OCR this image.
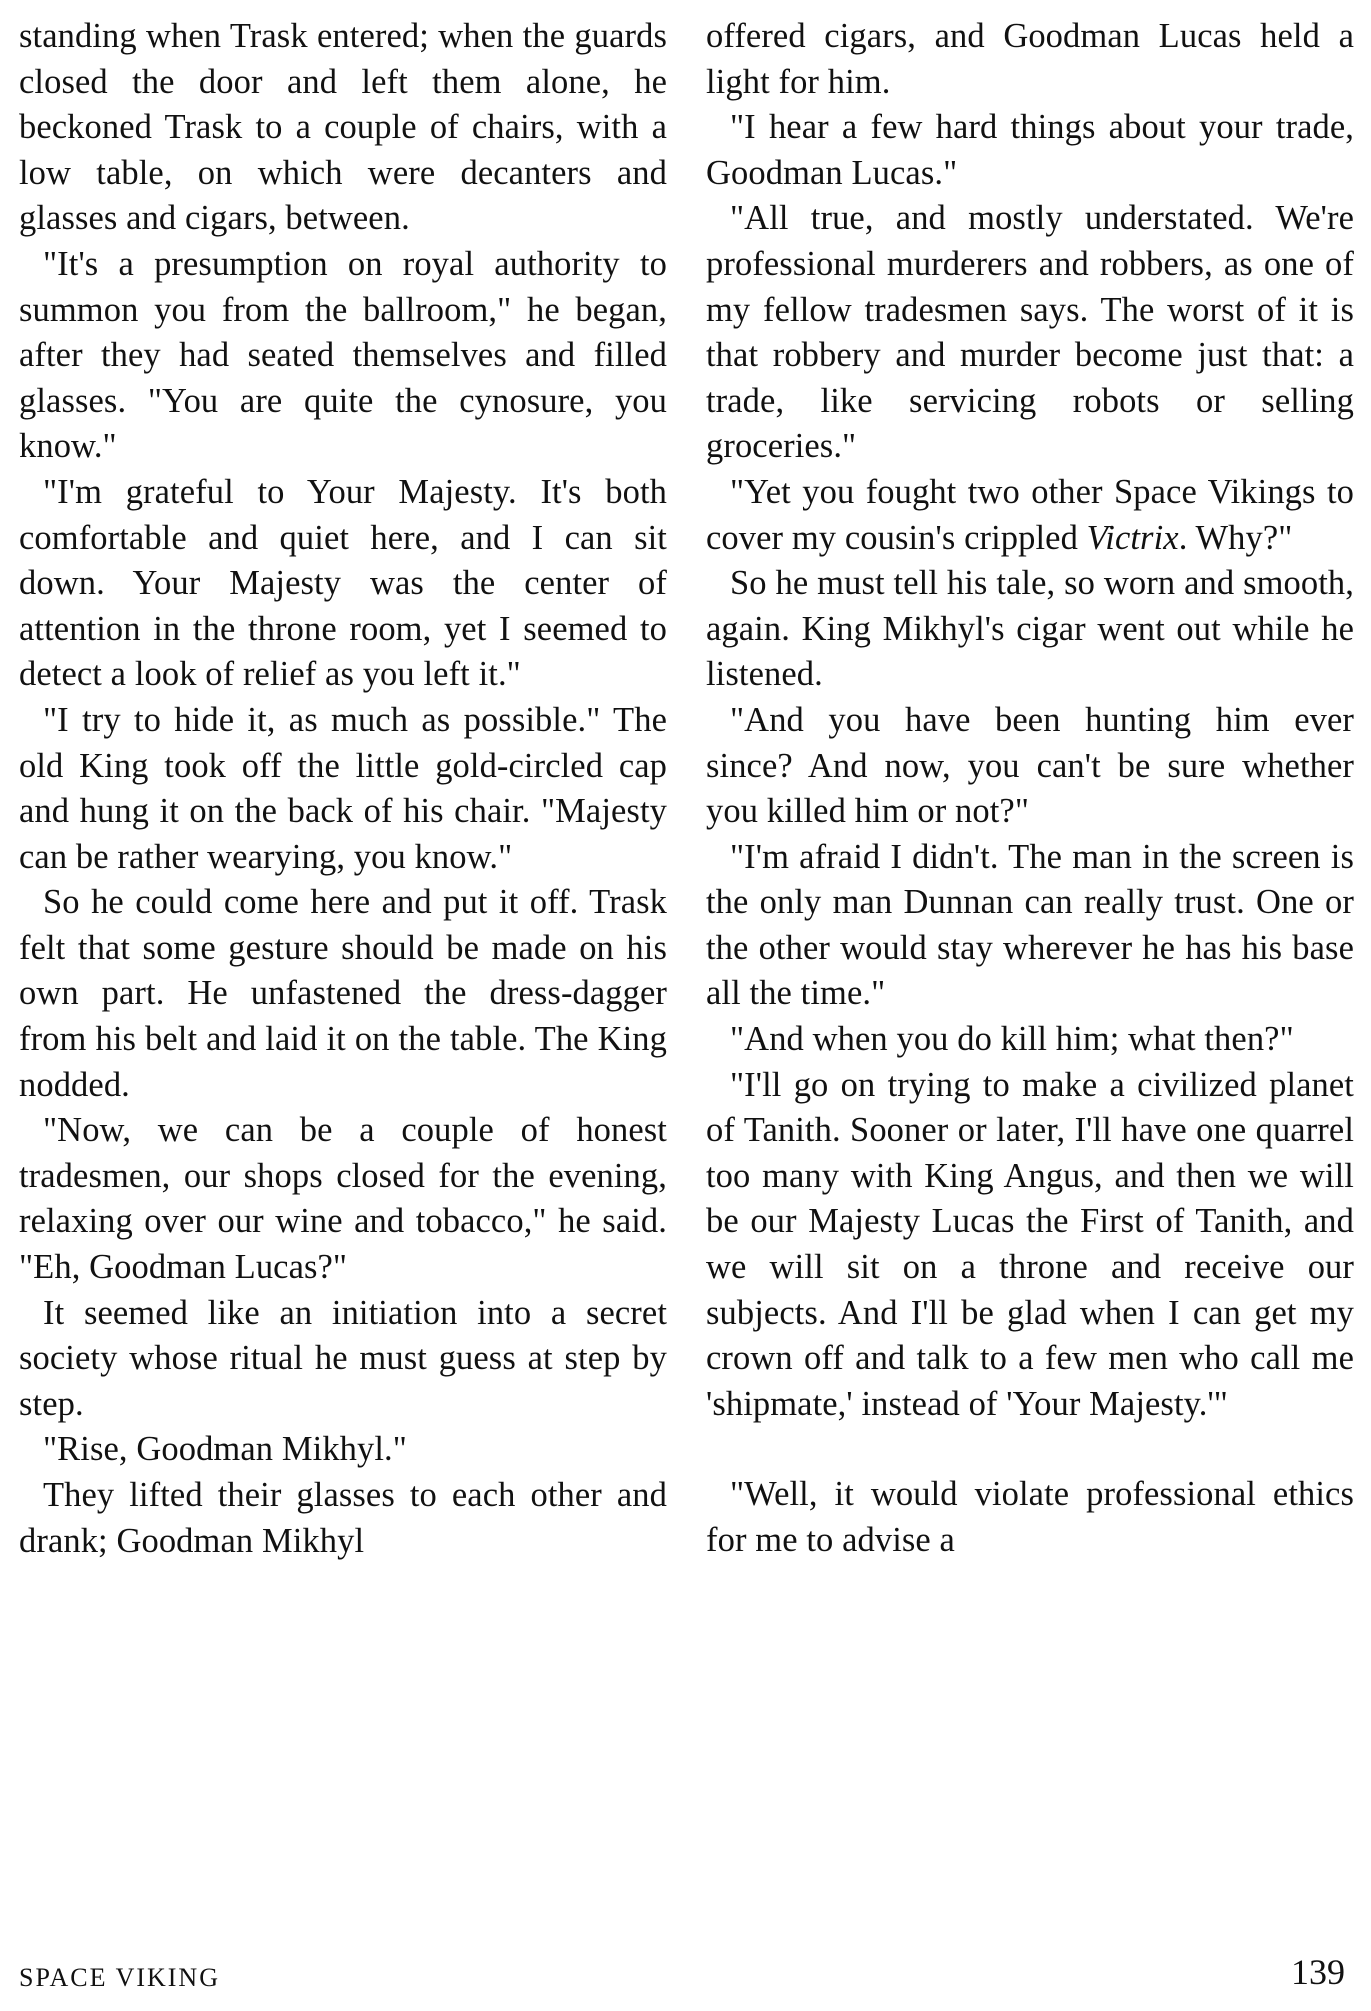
standing when Trask entered; when the guards closed the door and left them alone, he beckoned Trask to a couple of chairs, with a low table, on which were decanters and glasses and cigars, between.

"It's a presumption on royal authority to summon you from the ballroom," he began, after they had seated themselves and filled glasses. "You are quite the cynosure, you know."

"I'm grateful to Your Majesty. It's both comfortable and quiet here, and I can sit down. Your Majesty was the center of attention in the throne room, yet I seemed to detect a look of relief as you left it."

"I try to hide it, as much as possible." The old King took off the little gold-circled cap and hung it on the back of his chair. "Majesty can be rather wearying, you know."

So he could come here and put it off. Trask felt that some gesture should be made on his own part. He unfastened the dress-dagger from his belt and laid it on the table. The King nodded.

"Now, we can be a couple of honest tradesmen, our shops closed for the evening, relaxing over our wine and tobacco," he said. "Eh, Goodman Lucas?"

It seemed like an initiation into a secret society whose ritual he must guess at step by step.

"Rise, Goodman Mikhyl."

They lifted their glasses to each other and drank; Goodman Mikhyl

offered cigars, and Goodman Lucas held a light for him.

"I hear a few hard things about your trade, Goodman Lucas."

"All true, and mostly understated. We're professional murderers and robbers, as one of my fellow tradesmen says. The worst of it is that robbery and murder become just that: a trade, like servicing robots or selling groceries."

"Yet you fought two other Space Vikings to cover my cousin's crippled Victrix. Why?"

So he must tell his tale, so worn and smooth, again. King Mikhyl's cigar went out while he listened.

"And you have been hunting him ever since? And now, you can't be sure whether you killed him or not?"

"I'm afraid I didn't. The man in the screen is the only man Dunnan can really trust. One or the other would stay wherever he has his base all the time."

"And when you do kill him; what then?"

"I'll go on trying to make a civilized planet of Tanith. Sooner or later, I'll have one quarrel too many with King Angus, and then we will be our Majesty Lucas the First of Tanith, and we will sit on a throne and receive our subjects. And I'll be glad when I can get my crown off and talk to a few men who call me 'shipmate,' instead of 'Your Majesty.'"

"Well, it would violate professional ethics for me to advise a

SPACE VIKING	139
